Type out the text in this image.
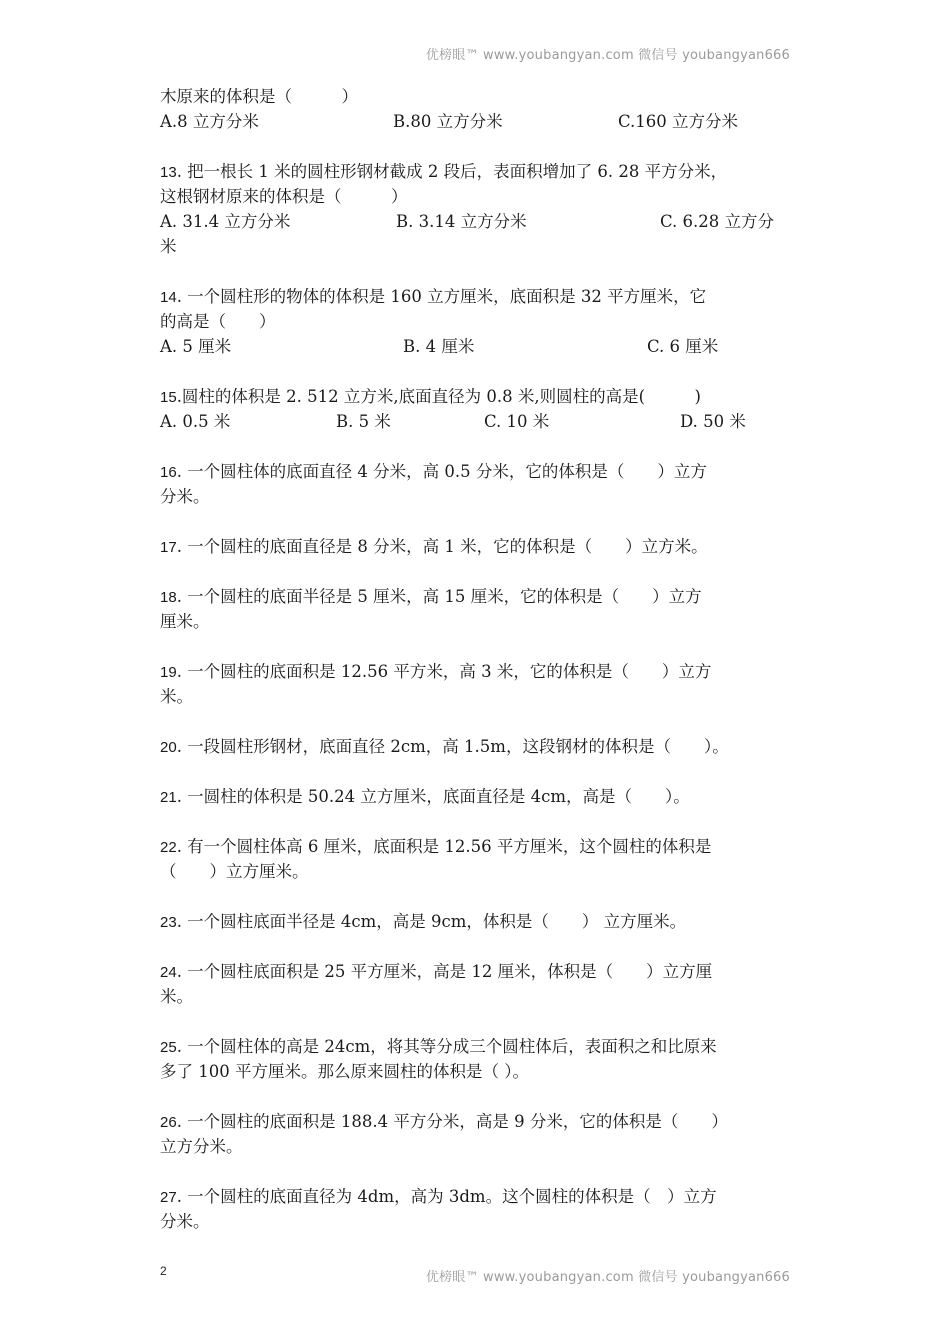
优榜眼™ www.youbangyan.com 微信号 youbangyan666
木原来的体积是（　　　）
A.8 立方分米	B.80 立方分米	C.160 立方分米
13. 把一根长 1 米的圆柱形钢材截成 2 段后，表面积增加了 6. 28 平方分米，
这根钢材原来的体积是（　　　）
A. 31.4 立方分米	B. 3.14 立方分米	C. 6.28 立方分
米
14. 一个圆柱形的物体的体积是 160 立方厘米，底面积是 32 平方厘米，它
的高是（　　）
A. 5 厘米	B. 4 厘米	C. 6 厘米
15.圆柱的体积是 2. 512 立方米,底面直径为 0.8 米,则圆柱的高是(　　　)
A. 0.5 米	B. 5 米	C. 10 米	D. 50 米
16. 一个圆柱体的底面直径 4 分米，高 0.5 分米，它的体积是（　　）立方
分米。
17. 一个圆柱的底面直径是 8 分米，高 1 米，它的体积是（　　）立方米。
18. 一个圆柱的底面半径是 5 厘米，高 15 厘米，它的体积是（　　）立方
厘米。
19. 一个圆柱的底面积是 12.56 平方米，高 3 米，它的体积是（　　）立方
米。
20. 一段圆柱形钢材，底面直径 2cm，高 1.5m，这段钢材的体积是（　　）。
21. 一圆柱的体积是 50.24 立方厘米，底面直径是 4cm，高是（　　）。
22. 有一个圆柱体高 6 厘米，底面积是 12.56 平方厘米，这个圆柱的体积是
（　　）立方厘米。
23. 一个圆柱底面半径是 4cm，高是 9cm，体积是（　　） 立方厘米。
24. 一个圆柱底面积是 25 平方厘米，高是 12 厘米，体积是（　　）立方厘
米。
25. 一个圆柱体的高是 24cm，将其等分成三个圆柱体后，表面积之和比原来
多了 100 平方厘米。那么原来圆柱的体积是（ ）。
26. 一个圆柱的底面积是 188.4 平方分米，高是 9 分米，它的体积是（　　）
立方分米。
27. 一个圆柱的底面直径为 4dm，高为 3dm。这个圆柱的体积是（　）立方
分米。
2	优榜眼™ www.youbangyan.com 微信号 youbangyan666
